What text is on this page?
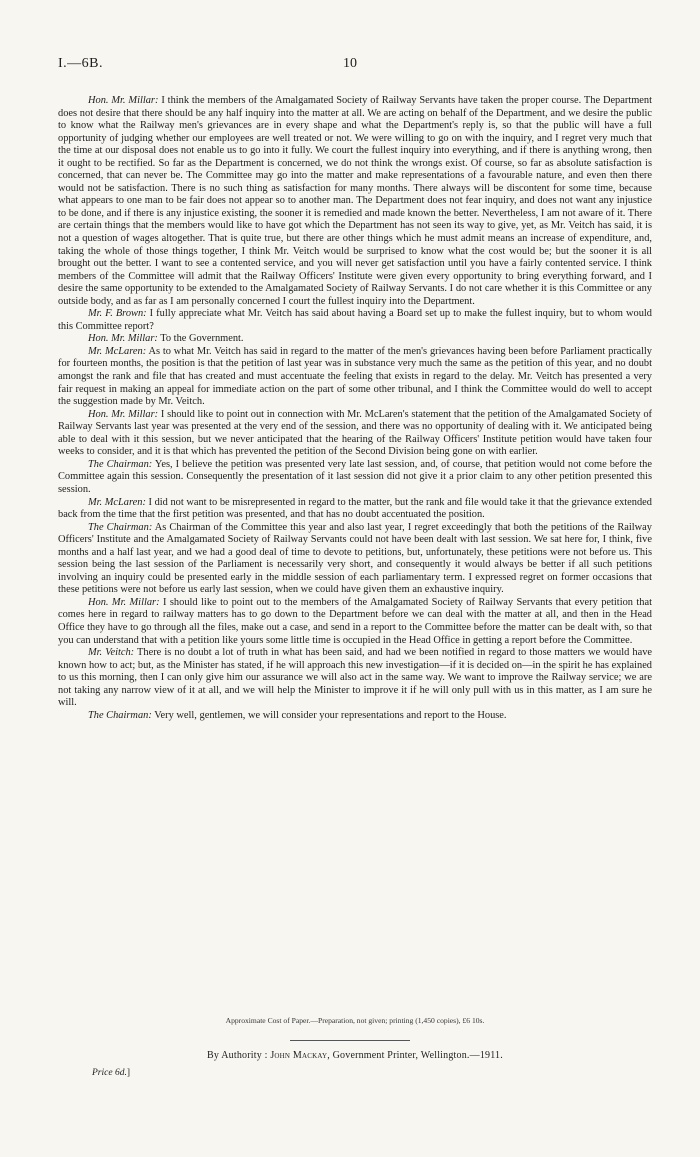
I.—6B.	10

Hon. Mr. Millar: I think the members of the Amalgamated Society of Railway Servants have taken the proper course. The Department does not desire that there should be any half inquiry into the matter at all. We are acting on behalf of the Department, and we desire the public to know what the Railway men's grievances are in every shape and what the Department's reply is, so that the public will have a full opportunity of judging whether our employees are well treated or not. We were willing to go on with the inquiry, and I regret very much that the time at our disposal does not enable us to go into it fully. We court the fullest inquiry into everything, and if there is anything wrong, then it ought to be rectified. So far as the Department is concerned, we do not think the wrongs exist. Of course, so far as absolute satisfaction is concerned, that can never be. The Committee may go into the matter and make representations of a favourable nature, and even then there would not be satisfaction. There is no such thing as satisfaction for many months. There always will be discontent for some time, because what appears to one man to be fair does not appear so to another man. The Department does not fear inquiry, and does not want any injustice to be done, and if there is any injustice existing, the sooner it is remedied and made known the better. Nevertheless, I am not aware of it. There are certain things that the members would like to have got which the Department has not seen its way to give, yet, as Mr. Veitch has said, it is not a question of wages altogether. That is quite true, but there are other things which he must admit means an increase of expenditure, and, taking the whole of those things together, I think Mr. Veitch would be surprised to know what the cost would be; but the sooner it is all brought out the better. I want to see a contented service, and you will never get satisfaction until you have a fairly contented service. I think members of the Committee will admit that the Railway Officers' Institute were given every opportunity to bring everything forward, and I desire the same opportunity to be extended to the Amalgamated Society of Railway Servants. I do not care whether it is this Committee or any outside body, and as far as I am personally concerned I court the fullest inquiry into the Department.

Mr. F. Brown: I fully appreciate what Mr. Veitch has said about having a Board set up to make the fullest inquiry, but to whom would this Committee report?

Hon. Mr. Millar: To the Government.

Mr. McLaren: As to what Mr. Veitch has said in regard to the matter of the men's grievances having been before Parliament practically for fourteen months, the position is that the petition of last year was in substance very much the same as the petition of this year, and no doubt amongst the rank and file that has created and must accentuate the feeling that exists in regard to the delay. Mr. Veitch has presented a very fair request in making an appeal for immediate action on the part of some other tribunal, and I think the Committee would do well to accept the suggestion made by Mr. Veitch.

Hon. Mr. Millar: I should like to point out in connection with Mr. McLaren's statement that the petition of the Amalgamated Society of Railway Servants last year was presented at the very end of the session, and there was no opportunity of dealing with it. We anticipated being able to deal with it this session, but we never anticipated that the hearing of the Railway Officers' Institute petition would have taken four weeks to consider, and it is that which has prevented the petition of the Second Division being gone on with earlier.

The Chairman: Yes, I believe the petition was presented very late last session, and, of course, that petition would not come before the Committee again this session. Consequently the presentation of it last session did not give it a prior claim to any other petition presented this session.

Mr. McLaren: I did not want to be misrepresented in regard to the matter, but the rank and file would take it that the grievance extended back from the time that the first petition was presented, and that has no doubt accentuated the position.

The Chairman: As Chairman of the Committee this year and also last year, I regret exceedingly that both the petitions of the Railway Officers' Institute and the Amalgamated Society of Railway Servants could not have been dealt with last session. We sat here for, I think, five months and a half last year, and we had a good deal of time to devote to petitions, but, unfortunately, these petitions were not before us. This session being the last session of the Parliament is necessarily very short, and consequently it would always be better if all such petitions involving an inquiry could be presented early in the middle session of each parliamentary term. I expressed regret on former occasions that these petitions were not before us early last session, when we could have given them an exhaustive inquiry.

Hon. Mr. Millar: I should like to point out to the members of the Amalgamated Society of Railway Servants that every petition that comes here in regard to railway matters has to go down to the Department before we can deal with the matter at all, and then in the Head Office they have to go through all the files, make out a case, and send in a report to the Committee before the matter can be dealt with, so that you can understand that with a petition like yours some little time is occupied in the Head Office in getting a report before the Committee.

Mr. Veitch: There is no doubt a lot of truth in what has been said, and had we been notified in regard to those matters we would have known how to act; but, as the Minister has stated, if he will approach this new investigation—if it is decided on—in the spirit he has explained to us this morning, then I can only give him our assurance we will also act in the same way. We want to improve the Railway service; we are not taking any narrow view of it at all, and we will help the Minister to improve it if he will only pull with us in this matter, as I am sure he will.

The Chairman: Very well, gentlemen, we will consider your representations and report to the House.

Approximate Cost of Paper.—Preparation, not given; printing (1,450 copies), £6 10s.
By Authority : John Mackay, Government Printer, Wellington.—1911.
Price 6d.]
